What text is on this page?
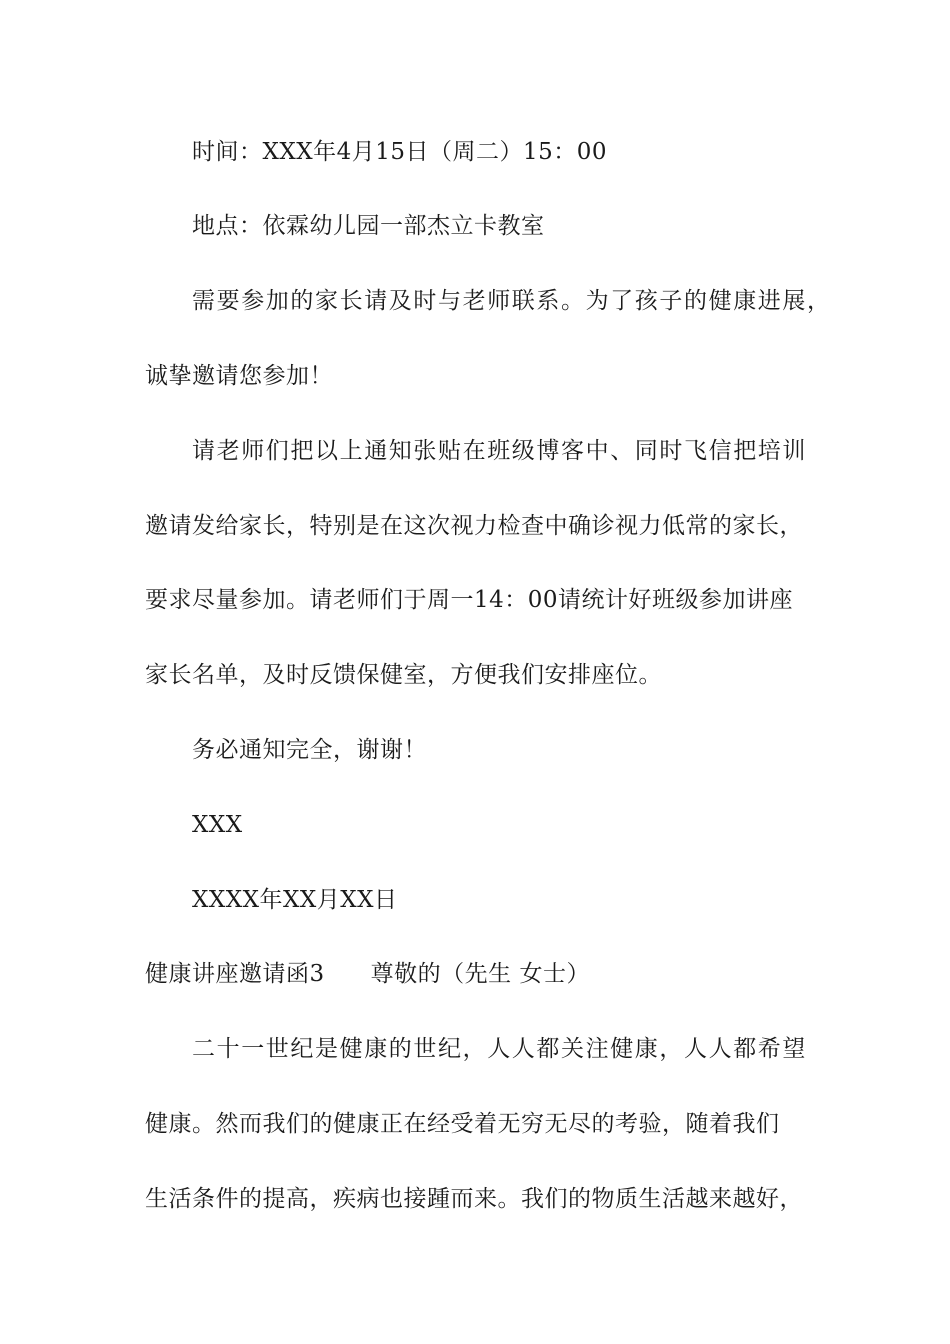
时间：XXX年4月15日（周二）15：00
地点：依霖幼儿园一部杰立卡教室
需要参加的家长请及时与老师联系。为了孩子的健康进展，
诚挚邀请您参加！
请老师们把以上通知张贴在班级博客中、同时飞信把培训
邀请发给家长，特别是在这次视力检查中确诊视力低常的家长，
要求尽量参加。请老师们于周一14：00请统计好班级参加讲座
家长名单，及时反馈保健室，方便我们安排座位。
务必通知完全，谢谢！
XXX
XXXX年XX月XX日
健康讲座邀请函3 尊敬的（先生 女士）
二十一世纪是健康的世纪，人人都关注健康，人人都希望
健康。然而我们的健康正在经受着无穷无尽的考验，随着我们
生活条件的提高，疾病也接踵而来。我们的物质生活越来越好，
